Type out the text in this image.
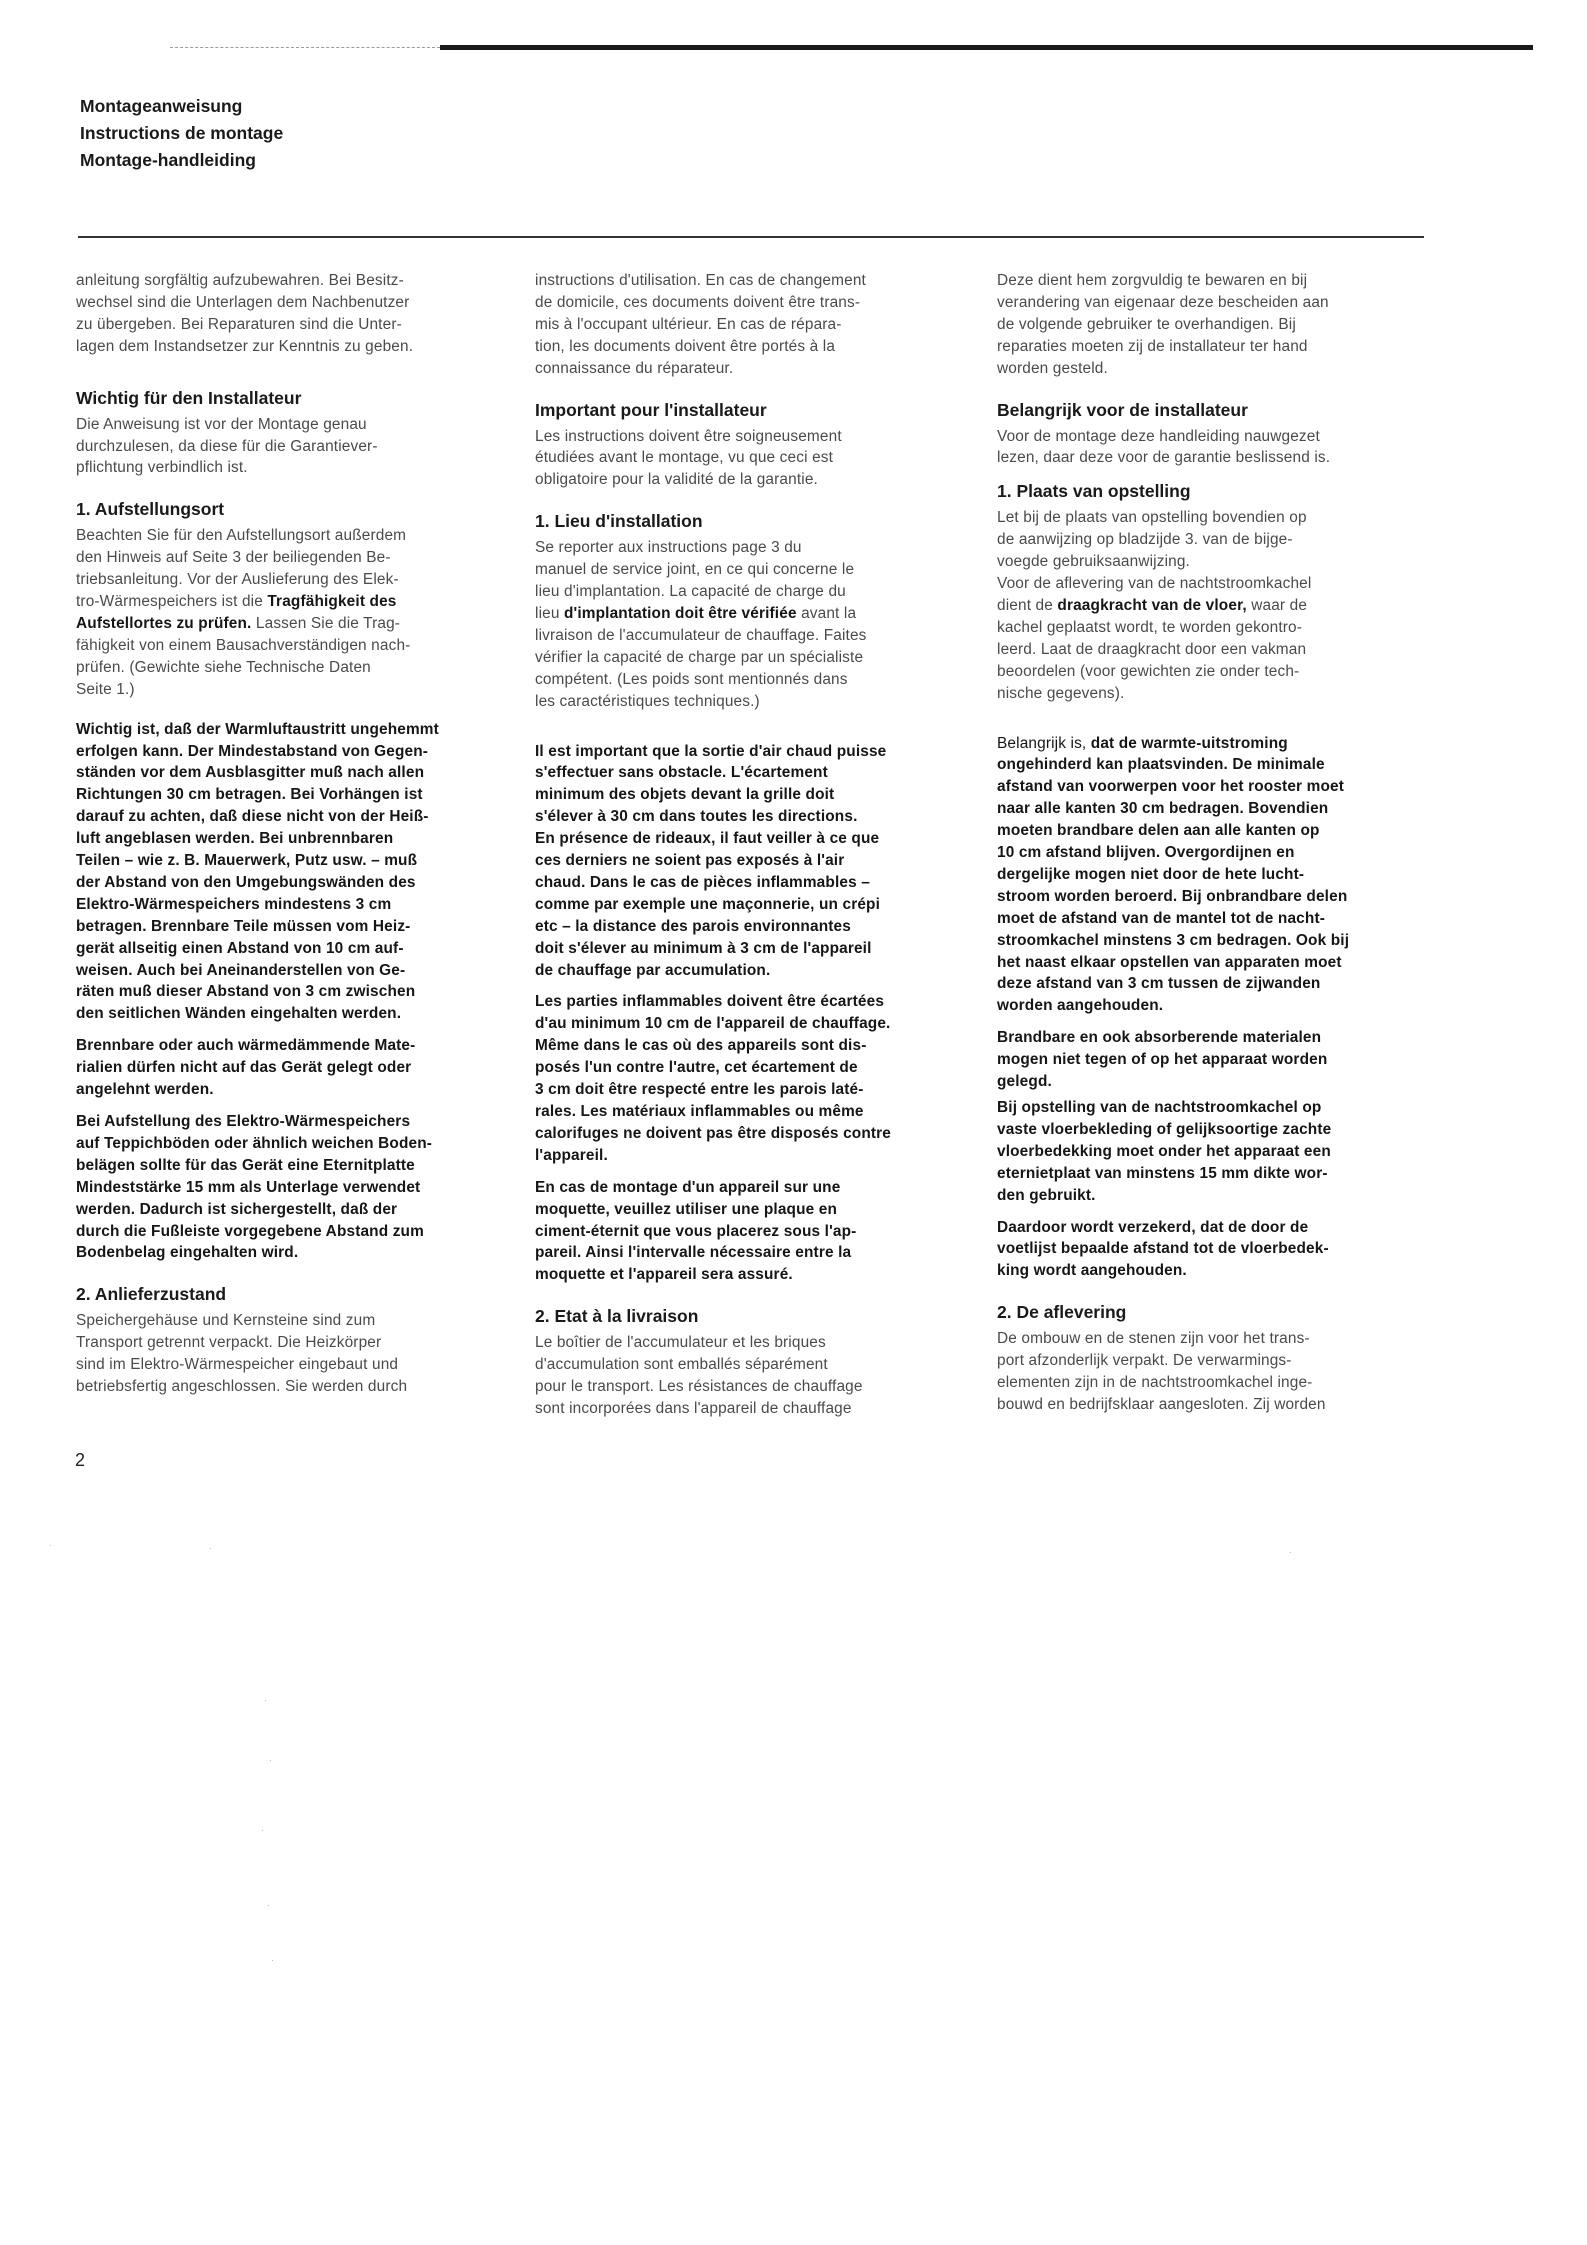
Montageanweisung
Instructions de montage
Montage-handleiding

anleitung sorgfältig aufzubewahren. Bei Besitz-
wechsel sind die Unterlagen dem Nachbenutzer
zu übergeben. Bei Reparaturen sind die Unter-
lagen dem Instandsetzer zur Kenntnis zu geben.

Wichtig für den Installateur

Die Anweisung ist vor der Montage genau
durchzulesen, da diese für die Garantiever-
pflichtung verbindlich ist.

1. Aufstellungsort

Beachten Sie für den Aufstellungsort außerdem
den Hinweis auf Seite 3 der beiliegenden Be-
triebsanleitung. Vor der Auslieferung des Elek-
tro-Wärmespeichers ist die Tragfähigkeit des
Aufstellortes zu prüfen. Lassen Sie die Trag-
fähigkeit von einem Bausachverständigen nach-
prüfen. (Gewichte siehe Technische Daten
Seite 1.)

Wichtig ist, daß der Warmluftaustritt ungehemmt
erfolgen kann. Der Mindestabstand von Gegen-
ständen vor dem Ausblasgitter muß nach allen
Richtungen 30 cm betragen. Bei Vorhängen ist
darauf zu achten, daß diese nicht von der Heiß-
luft angeblasen werden. Bei unbrennbaren
Teilen – wie z. B. Mauerwerk, Putz usw. – muß
der Abstand von den Umgebungswänden des
Elektro-Wärmespeichers mindestens 3 cm
betragen. Brennbare Teile müssen vom Heiz-
gerät allseitig einen Abstand von 10 cm auf-
weisen. Auch bei Aneinanderstellen von Ge-
räten muß dieser Abstand von 3 cm zwischen
den seitlichen Wänden eingehalten werden.

Brennbare oder auch wärmedämmende Mate-
rialien dürfen nicht auf das Gerät gelegt oder
angelehnt werden.

Bei Aufstellung des Elektro-Wärmespeichers
auf Teppichböden oder ähnlich weichen Boden-
belägen sollte für das Gerät eine Eternitplatte
Mindeststärke 15 mm als Unterlage verwendet
werden. Dadurch ist sichergestellt, daß der
durch die Fußleiste vorgegebene Abstand zum
Bodenbelag eingehalten wird.

2. Anlieferzustand

Speichergehäuse und Kernsteine sind zum
Transport getrennt verpackt. Die Heizkörper
sind im Elektro-Wärmespeicher eingebaut und
betriebsfertig angeschlossen. Sie werden durch

instructions d'utilisation. En cas de changement
de domicile, ces documents doivent être trans-
mis à l'occupant ultérieur. En cas de répara-
tion, les documents doivent être portés à la
connaissance du réparateur.

Important pour l'installateur

Les instructions doivent être soigneusement
étudiées avant le montage, vu que ceci est
obligatoire pour la validité de la garantie.

1. Lieu d'installation

Se reporter aux instructions page 3 du
manuel de service joint, en ce qui concerne le
lieu d'implantation. La capacité de charge du
lieu d'implantation doit être vérifiée avant la
livraison de l'accumulateur de chauffage. Faites
vérifier la capacité de charge par un spécialiste
compétent. (Les poids sont mentionnés dans
les caractéristiques techniques.)

Il est important que la sortie d'air chaud puisse
s'effectuer sans obstacle. L'écartement
minimum des objets devant la grille doit
s'élever à 30 cm dans toutes les directions.
En présence de rideaux, il faut veiller à ce que
ces derniers ne soient pas exposés à l'air
chaud. Dans le cas de pièces inflammables –
comme par exemple une maçonnerie, un crépi
etc – la distance des parois environnantes
doit s'élever au minimum à 3 cm de l'appareil
de chauffage par accumulation.

Les parties inflammables doivent être écartées
d'au minimum 10 cm de l'appareil de chauffage.
Même dans le cas où des appareils sont dis-
posés l'un contre l'autre, cet écartement de
3 cm doit être respecté entre les parois laté-
rales. Les matériaux inflammables ou même
calorifuges ne doivent pas être disposés contre
l'appareil.

En cas de montage d'un appareil sur une
moquette, veuillez utiliser une plaque en
ciment-éternit que vous placerez sous l'ap-
pareil. Ainsi l'intervalle nécessaire entre la
moquette et l'appareil sera assuré.

2. Etat à la livraison

Le boîtier de l'accumulateur et les briques
d'accumulation sont emballés séparément
pour le transport. Les résistances de chauffage
sont incorporées dans l'appareil de chauffage

Deze dient hem zorgvuldig te bewaren en bij
verandering van eigenaar deze bescheiden aan
de volgende gebruiker te overhandigen. Bij
reparaties moeten zij de installateur ter hand
worden gesteld.

Belangrijk voor de installateur

Voor de montage deze handleiding nauwgezet
lezen, daar deze voor de garantie beslissend is.

1. Plaats van opstelling

Let bij de plaats van opstelling bovendien op
de aanwijzing op bladzijde 3. van de bijge-
voegde gebruiksaanwijzing.
Voor de aflevering van de nachtstroomkachel
dient de draagkracht van de vloer, waar de
kachel geplaatst wordt, te worden gekontro-
leerd. Laat de draagkracht door een vakman
beoordelen (voor gewichten zie onder tech-
nische gegevens).

Belangrijk is, dat de warmte-uitstroming
ongehinderd kan plaatsvinden. De minimale
afstand van voorwerpen voor het rooster moet
naar alle kanten 30 cm bedragen. Bovendien
moeten brandbare delen aan alle kanten op
10 cm afstand blijven. Overgordijnen en
dergelijke mogen niet door de hete lucht-
stroom worden beroerd. Bij onbrandbare delen
moet de afstand van de mantel tot de nacht-
stroomkachel minstens 3 cm bedragen. Ook bij
het naast elkaar opstellen van apparaten moet
deze afstand van 3 cm tussen de zijwanden
worden aangehouden.

Brandbare en ook absorberende materialen
mogen niet tegen of op het apparaat worden
gelegd.

Bij opstelling van de nachtstroomkachel op
vaste vloerbekleding of gelijksoortige zachte
vloerbedekking moet onder het apparaat een
eternietplaat van minstens 15 mm dikte wor-
den gebruikt.

Daardoor wordt verzekerd, dat de door de
voetlijst bepaalde afstand tot de vloerbedek-
king wordt aangehouden.

2. De aflevering

De ombouw en de stenen zijn voor het trans-
port afzonderlijk verpakt. De verwarmings-
elementen zijn in de nachtstroomkachel inge-
bouwd en bedrijfsklaar aangesloten. Zij worden

2
